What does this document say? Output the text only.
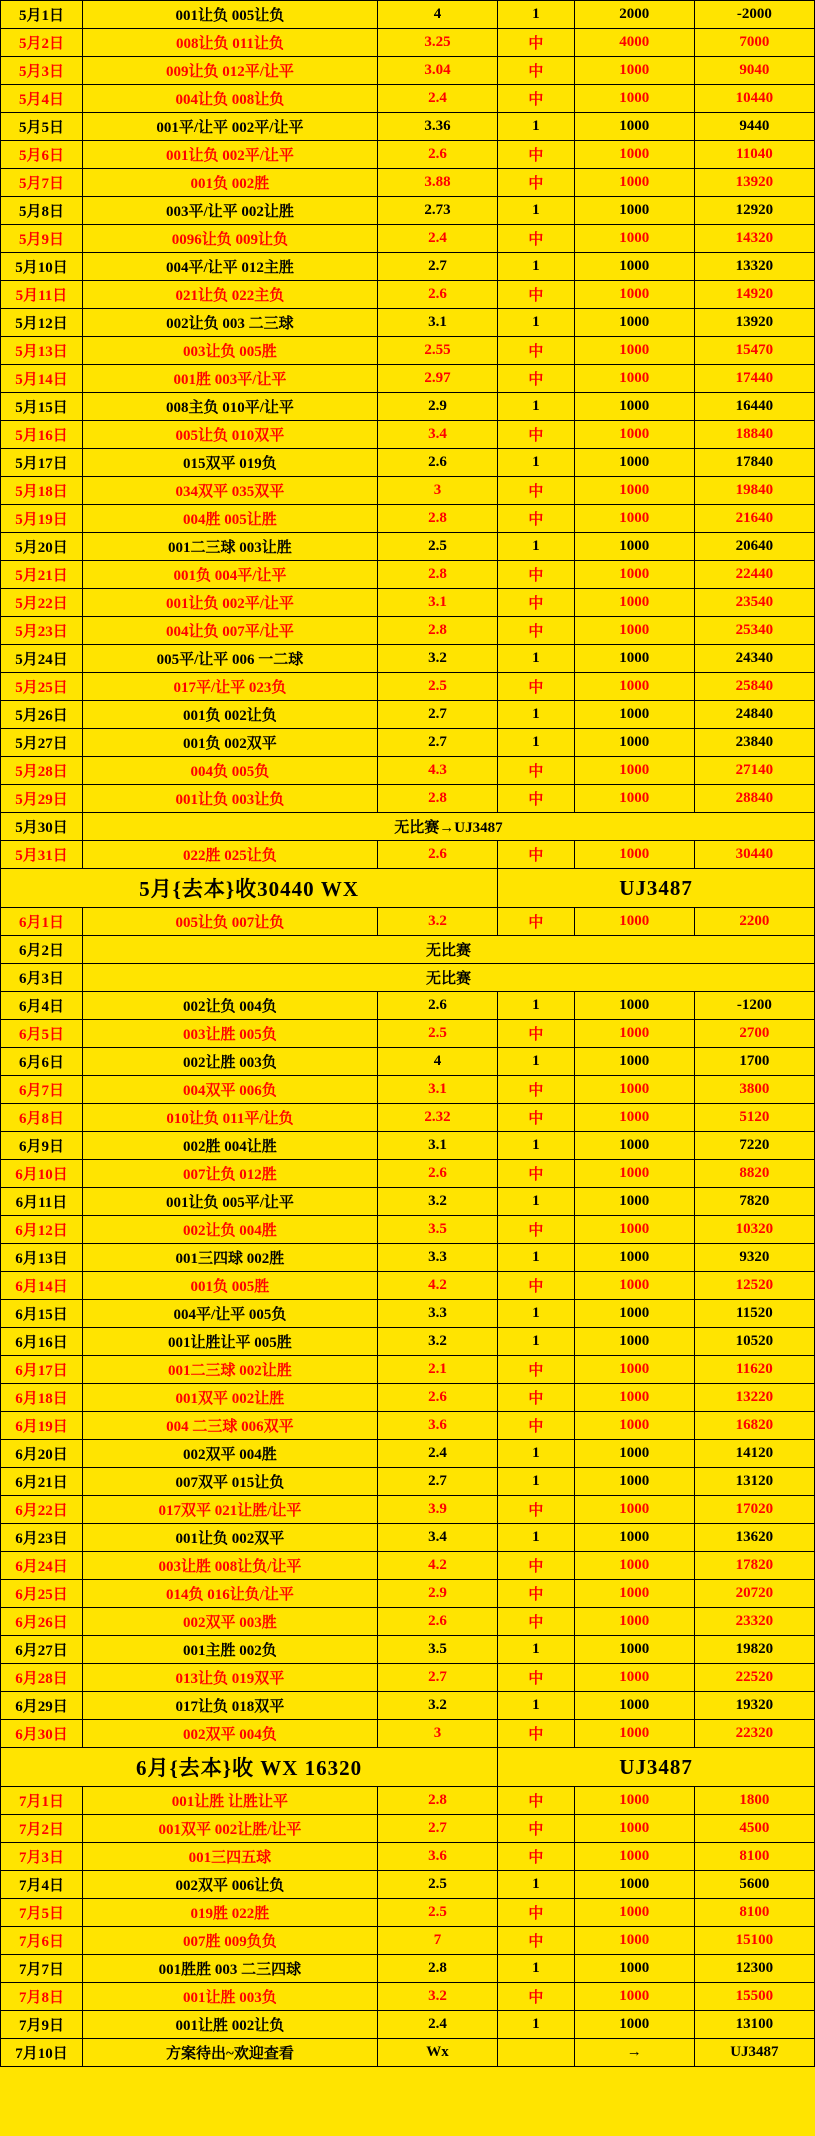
5月1日	001让负 005让负	4	1	2000	-2000
5月2日	008让负 011让负	3.25	中	4000	7000
5月3日	009让负 012平/让平	3.04	中	1000	9040
5月4日	004让负 008让负	2.4	中	1000	10440
5月5日	001平/让平 002平/让平	3.36	1	1000	9440
5月6日	001让负 002平/让平	2.6	中	1000	11040
5月7日	001负 002胜	3.88	中	1000	13920
5月8日	003平/让平 002让胜	2.73	1	1000	12920
5月9日	0096让负 009让负	2.4	中	1000	14320
5月10日	004平/让平 012主胜	2.7	1	1000	13320
5月11日	021让负 022主负	2.6	中	1000	14920
5月12日	002让负 003 二三球	3.1	1	1000	13920
5月13日	003让负 005胜	2.55	中	1000	15470
5月14日	001胜 003平/让平	2.97	中	1000	17440
5月15日	008主负 010平/让平	2.9	1	1000	16440
5月16日	005让负 010双平	3.4	中	1000	18840
5月17日	015双平 019负	2.6	1	1000	17840
5月18日	034双平 035双平	3	中	1000	19840
5月19日	004胜 005让胜	2.8	中	1000	21640
5月20日	001二三球 003让胜	2.5	1	1000	20640
5月21日	001负 004平/让平	2.8	中	1000	22440
5月22日	001让负 002平/让平	3.1	中	1000	23540
5月23日	004让负 007平/让平	2.8	中	1000	25340
5月24日	005平/让平 006 一二球	3.2	1	1000	24340
5月25日	017平/让平 023负	2.5	中	1000	25840
5月26日	001负 002让负	2.7	1	1000	24840
5月27日	001负 002双平	2.7	1	1000	23840
5月28日	004负 005负	4.3	中	1000	27140
5月29日	001让负 003让负	2.8	中	1000	28840
5月30日	无比赛→UJ3487				
5月31日	022胜 025让负	2.6	中	1000	30440
5月{去本}收30440 WX			UJ3487		
6月1日	005让负 007让负	3.2	中	1000	2200
6月2日	无比赛				
6月3日	无比赛				
6月4日	002让负 004负	2.6	1	1000	-1200
6月5日	003让胜 005负	2.5	中	1000	2700
6月6日	002让胜 003负	4	1	1000	1700
6月7日	004双平 006负	3.1	中	1000	3800
6月8日	010让负 011平/让负	2.32	中	1000	5120
6月9日	002胜 004让胜	3.1	1	1000	7220
6月10日	007让负 012胜	2.6	中	1000	8820
6月11日	001让负 005平/让平	3.2	1	1000	7820
6月12日	002让负 004胜	3.5	中	1000	10320
6月13日	001三四球 002胜	3.3	1	1000	9320
6月14日	001负 005胜	4.2	中	1000	12520
6月15日	004平/让平 005负	3.3	1	1000	11520
6月16日	001让胜让平 005胜	3.2	1	1000	10520
6月17日	001二三球 002让胜	2.1	中	1000	11620
6月18日	001双平 002让胜	2.6	中	1000	13220
6月19日	004 二三球 006双平	3.6	中	1000	16820
6月20日	002双平 004胜	2.4	1	1000	14120
6月21日	007双平 015让负	2.7	1	1000	13120
6月22日	017双平 021让胜/让平	3.9	中	1000	17020
6月23日	001让负 002双平	3.4	1	1000	13620
6月24日	003让胜 008让负/让平	4.2	中	1000	17820
6月25日	014负 016让负/让平	2.9	中	1000	20720
6月26日	002双平 003胜	2.6	中	1000	23320
6月27日	001主胜 002负	3.5	1	1000	19820
6月28日	013让负 019双平	2.7	中	1000	22520
6月29日	017让负 018双平	3.2	1	1000	19320
6月30日	002双平 004负	3	中	1000	22320
6月{去本}收 WX 16320			UJ3487		
7月1日	001让胜 让胜让平	2.8	中	1000	1800
7月2日	001双平 002让胜/让平	2.7	中	1000	4500
7月3日	001三四五球	3.6	中	1000	8100
7月4日	002双平 006让负	2.5	1	1000	5600
7月5日	019胜 022胜	2.5	中	1000	8100
7月6日	007胜 009负负	7	中	1000	15100
7月7日	001胜胜 003 二三四球	2.8	1	1000	12300
7月8日	001让胜 003负	3.2	中	1000	15500
7月9日	001让胜 002让负	2.4	1	1000	13100
7月10日	方案待出~欢迎查看	Wx		→	UJ3487
